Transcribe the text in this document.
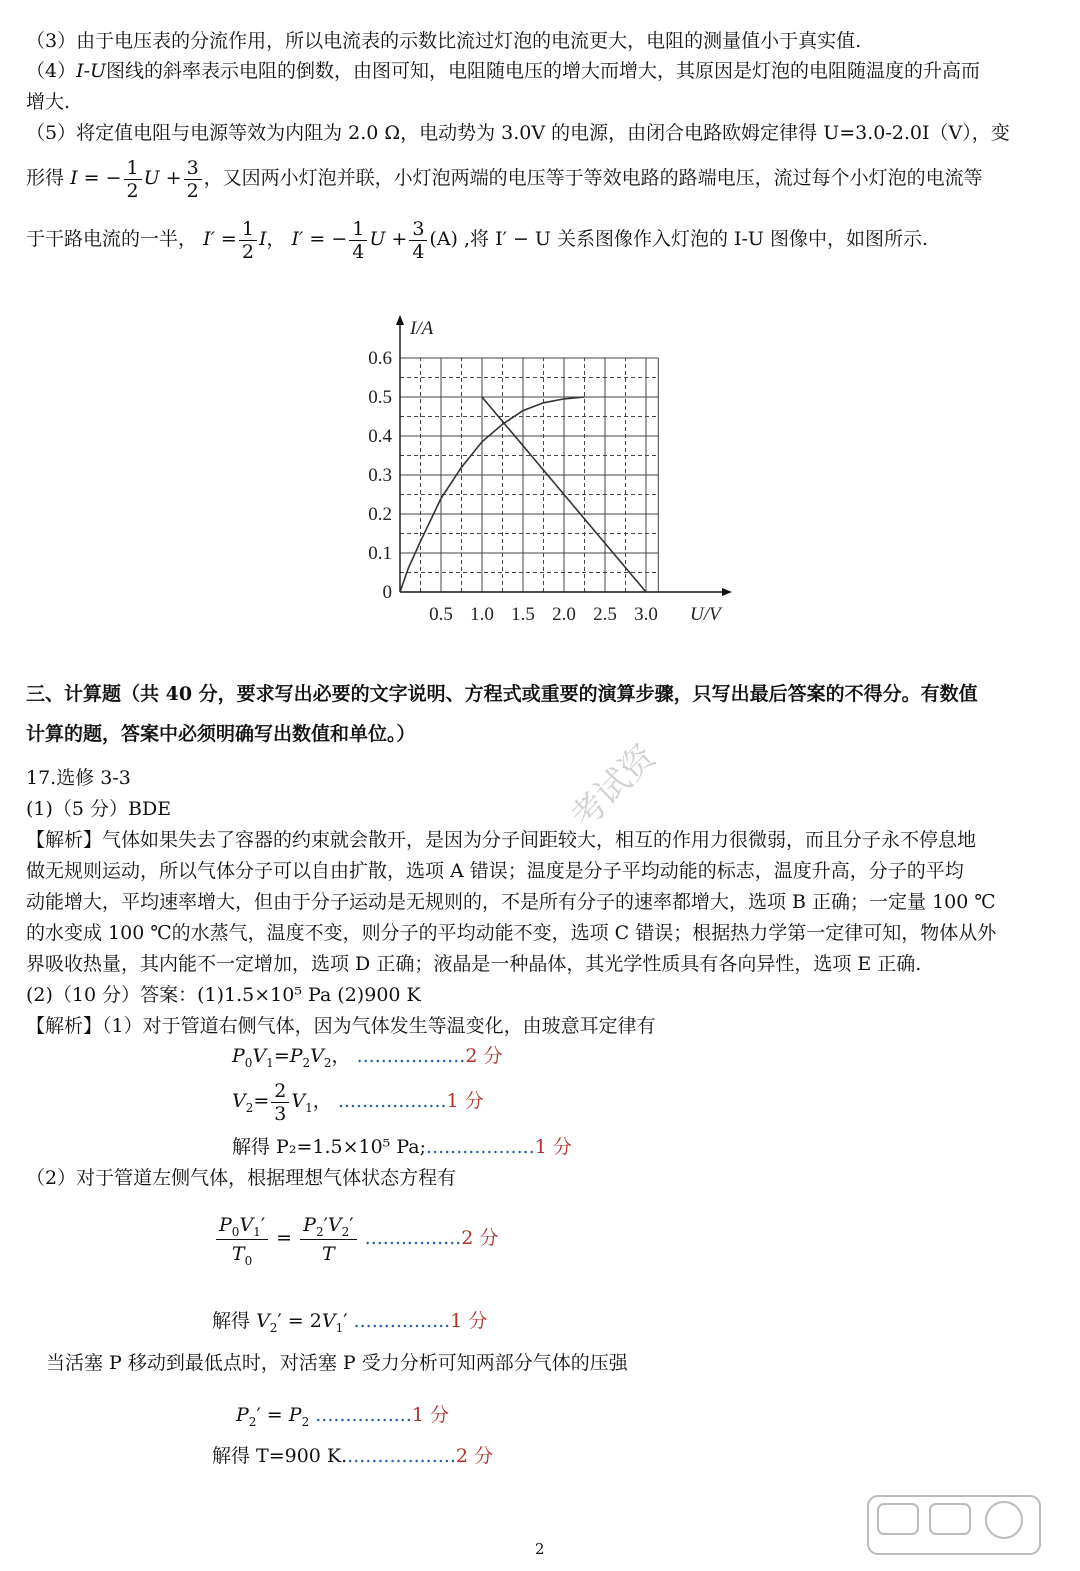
（3）由于电压表的分流作用，所以电流表的示数比流过灯泡的电流更大，电阻的测量值小于真实值.
（4）I-U图线的斜率表示电阻的倒数，由图可知，电阻随电压的增大而增大，其原因是灯泡的电阻随温度的升高而
增大.
（5）将定值电阻与电源等效为内阻为 2.0 Ω，电动势为 3.0V 的电源，由闭合电路欧姆定律得 U=3.0-2.0I（V），变
形得 I = − $\frac{1}{2}$ $U + \frac{3}{2}$ ，又因两小灯泡并联，小灯泡两端的电压等于等效电路的路端电压，流过每个小灯泡的电流等
于干路电流的一半， $I' = \frac{1}{2}$ I， I′ = − $\frac{1}{4}$ $U + \frac{3}{4} (A)$ ,将 I′ − U 关系图像作入灯泡的 I-U 图像中，如图所示.
0.5 1.0 1.5 2.0 2.5 3.0
0
0.1
0.2
0.3
0.4
0.5
0.6
U/V
I/A
三、计算题（共 40 分，要求写出必要的文字说明、方程式或重要的演算步骤，只写出最后答案的不得分。有数值
计算的题，答案中必须明确写出数值和单位。）
17.选修 3-3
(1)（5 分）BDE
【解析】气体如果失去了容器的约束就会散开，是因为分子间距较大，相互的作用力很微弱，而且分子永不停息地
做无规则运动，所以气体分子可以自由扩散，选项 A 错误；温度是分子平均动能的标志，温度升高，分子的平均
动能增大，平均速率增大，但由于分子运动是无规则的，不是所有分子的速率都增大，选项 B 正确；一定量 100 ℃
的水变成 100 ℃的水蒸气，温度不变，则分子的平均动能不变，选项 C 错误；根据热力学第一定律可知，物体从外
界吸收热量，其内能不一定增加，选项 D 正确；液晶是一种晶体，其光学性质具有各向异性，选项 E 正确.
(2)（10 分）答案：(1)1.5×10⁵ Pa (2)900 K
【解析】（1）对于管道右侧气体，因为气体发生等温变化，由玻意耳定律有
$P_0V_1=P_2V_2$， ..................2 分
$V_2= \frac{2}{3} V_1$， ..................1 分
解得 P₂=1.5×10⁵ Pa;..................1 分
（2）对于管道左侧气体，根据理想气体状态方程有
$\frac{P_0V_1'}{T_0} = \frac{P_2'V_2'}{T} ................2$ 分
解得 $V_2' = 2V_1'$ ................1 分
当活塞 P 移动到最低点时，对活塞 P 受力分析可知两部分气体的压强
$P_2' = P_2$ ................1 分
解得 T=900 K...................2 分
考试资
2
